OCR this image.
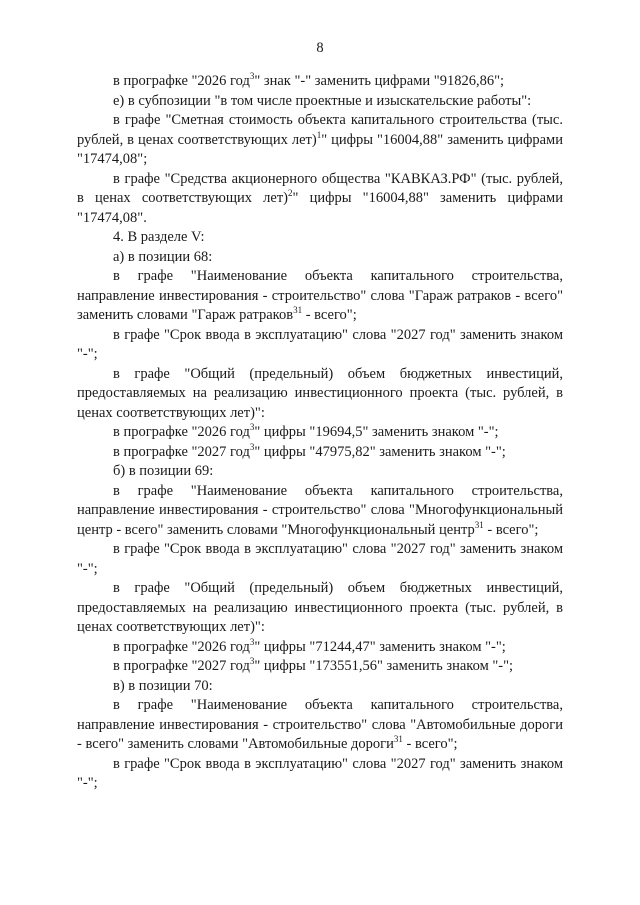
8

в прографке "2026 год$^3$" знак "-" заменить цифрами "91826,86";

е) в субпозиции "в том числе проектные и изыскательские работы":

в графе "Сметная стоимость объекта капитального строительства (тыс. рублей, в ценах соответствующих лет)$^1$" цифры "16004,88" заменить цифрами "17474,08";

в графе "Средства акционерного общества "КАВКАЗ.РФ" (тыс. рублей, в ценах соответствующих лет)$^2$" цифры "16004,88" заменить цифрами "17474,08".

4. В разделе V:

а) в позиции 68:

в графе "Наименование объекта капитального строительства, направление инвестирования - строительство" слова "Гараж ратраков - всего" заменить словами "Гараж ратраков$^{31}$ - всего";

в графе "Срок ввода в эксплуатацию" слова "2027 год" заменить знаком "-";

в графе "Общий (предельный) объем бюджетных инвестиций, предоставляемых на реализацию инвестиционного проекта (тыс. рублей, в ценах соответствующих лет)":

в прографке "2026 год$^3$" цифры "19694,5" заменить знаком "-";

в прографке "2027 год$^3$" цифры "47975,82" заменить знаком "-";

б) в позиции 69:

в графе "Наименование объекта капитального строительства, направление инвестирования - строительство" слова "Многофункциональный центр - всего" заменить словами "Многофункциональный центр$^{31}$ - всего";

в графе "Срок ввода в эксплуатацию" слова "2027 год" заменить знаком "-";

в графе "Общий (предельный) объем бюджетных инвестиций, предоставляемых на реализацию инвестиционного проекта (тыс. рублей, в ценах соответствующих лет)":

в прографке "2026 год$^3$" цифры "71244,47" заменить знаком "-";

в прографке "2027 год$^3$" цифры "173551,56" заменить знаком "-";

в) в позиции 70:

в графе "Наименование объекта капитального строительства, направление инвестирования - строительство" слова "Автомобильные дороги - всего" заменить словами "Автомобильные дороги$^{31}$ - всего";

в графе "Срок ввода в эксплуатацию" слова "2027 год" заменить знаком "-";
